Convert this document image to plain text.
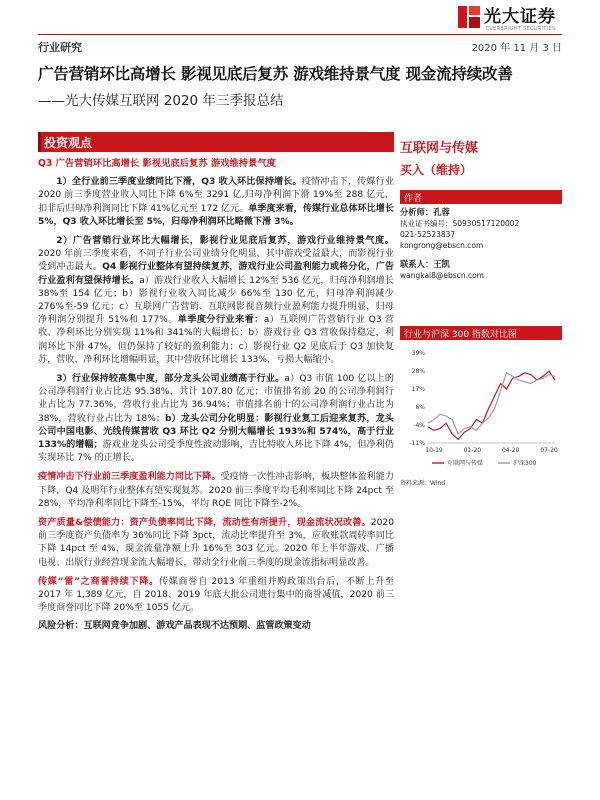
光大证券
EVERBRIGHT SECURITIES
行业研究	2020 年 11 月 3 日
广告营销环比高增长 影视见底后复苏 游戏维持景气度 现金流持续改善
——光大传媒互联网 2020 年三季报总结
投资观点

Q3 广告营销环比高增长 影视见底后复苏 游戏维持景气度

1）全行业前三季度业绩同比下滑，Q3 收入环比保持增长。疫情冲击下，传媒行业 2020 前三季度营业收入同比下降 6%至 3291 亿,归母净利润下滑 19%至 288 亿元，扣非后归母净利润同比下降 41%亿元至 172 亿元。单季度来看，传媒行业总体环比增长 5%，Q3 收入环比增长至 5%，归母净利润环比略微下滑 3%。

2）广告营销行业环比大幅增长，影视行业见底后复苏，游戏行业维持景气度。2020 年前三季度来看，不同子行业公司业绩分化明显，其中游戏受益最大，而影视行业受到冲击最大。Q4 影视行业整体有望持续复苏，游戏行业公司盈利能力或将分化，广告行业盈利有望保持增长。a）游戏行业收入大幅增长 12%至 536 亿元，归母净利润增长 38%至 154 亿元；b）影视行业收入同比减少 66%至 130 亿元，归母净利润减少 276%至-59 亿元；c）互联网广告营销、互联网影视音频行业盈利能力提升明显，归母净利润分别提升 51%和 177%。单季度分行业来看：a）互联网广告营销行业 Q3 营收、净利环比分别实现 11%和 341%的大幅增长；b）游戏行业 Q3 营收保持稳定，利润环比下滑 47%，但仍保持了较好的盈利能力；c）影视行业 Q2 见底后于 Q3 加快复苏，营收、净利环比增幅明显，其中营收环比增长 133%，亏损大幅缩小。

3）行业保持较高集中度，部分龙头公司业绩高于行业。a）Q3 市值 100 亿以上的公司净利润行业占比达 95.38%，共计 107.80 亿元；市值排名前 20 的公司净利润行业占比为 77.36%，营收行业占比为 36.94%；市值排名前十的公司净利润行业占比为 38%，营收行业占比为 18%；b）龙头公司分化明显：影视行业复工后迎来复苏，龙头公司中国电影、光线传媒营收 Q3 环比 Q2 分别大幅增长 193%和 574%，高于行业 133%的增幅；游戏业龙头公司受季度性波动影响，吉比特收入环比下降 4%，但净利仍实现环比 7% 的正增长。

疫情冲击下行业前三季度盈利能力同比下降。受疫情一次性冲击影响，板块整体盈利能力下降，Q4 及明年行业整体有望实现复苏。2020 前三季度平均毛利率同比下降 24pct 至 28%，平均净利率同比下降至-15%，平均 ROE 同比下降至-2%。

资产质量&偿债能力：资产负债率同比下降，流动性有所提升，现金流状况改善。2020 前三季度资产负债率为 36%同比下降 3pct，流动比率提升至 3%，应收账款周转率同比下降 14pct 至 4%，现金流量净额上升 16%至 303 亿元。2020 年上半年游戏、广播电视、出版行业经营现金流大幅增长，带动全行业前三季度的现金流指标明显改善。

传媒“雷”之商誉持续下降。传媒商誉自 2013 年重组并购政策出台后，不断上升至 2017 年 1,389 亿元，自 2018、2019 年底大批公司进行集中的商誉减值，2020 前三季度商誉同比下降 20%至 1055 亿元。

风险分析：互联网竞争加剧、游戏产品表现不达预期、监管政策变动

互联网与传媒
买入（维持）
作者
分析师：孔蓉
执业证书编号：S0930517120002
021-52523837
kongrong@ebscn.com
联系人：王凯
wangkai8@ebscn.com
行业与沪深 300 指数对比图
39%
28%
17%
6%
-4%
-11%
10-19	01-20	04-20	07-20
互联网与传媒	沪深300
资料来源：Wind
